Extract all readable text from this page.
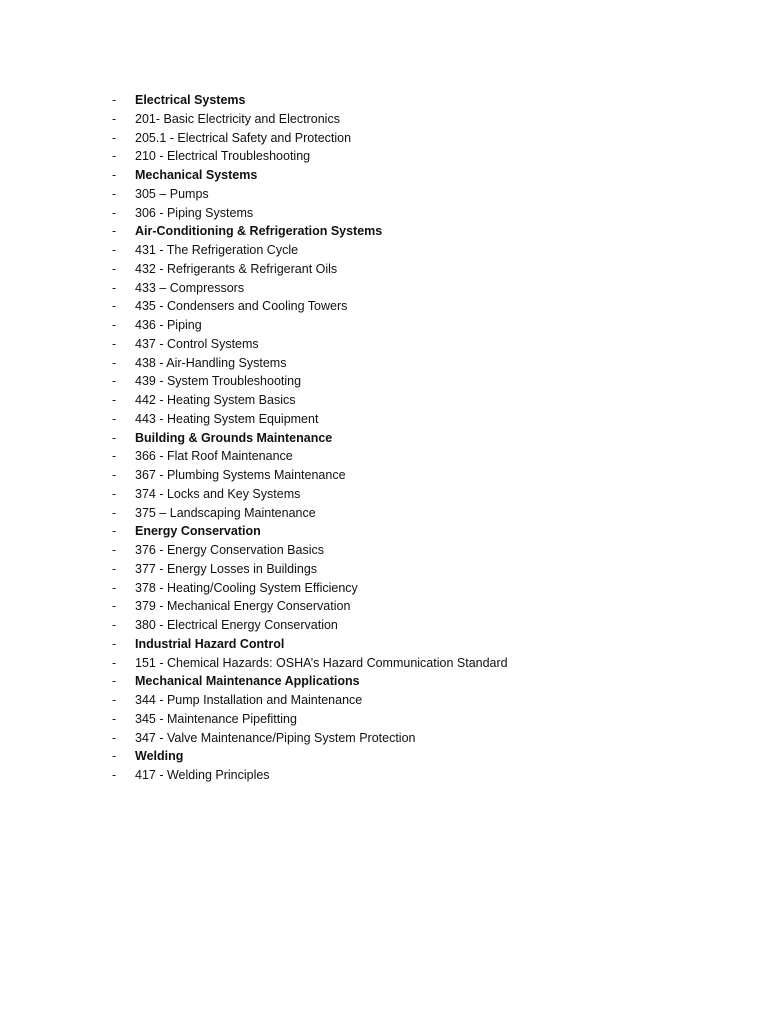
-	Electrical Systems
-	201- Basic Electricity and Electronics
-	205.1 - Electrical Safety and Protection
-	210 - Electrical Troubleshooting
-	Mechanical Systems
-	305 – Pumps
-	306 - Piping Systems
-	Air-Conditioning & Refrigeration Systems
-	431 - The Refrigeration Cycle
-	432 - Refrigerants & Refrigerant Oils
-	433 – Compressors
-	435 - Condensers and Cooling Towers
-	436 - Piping
-	437 - Control Systems
-	438 - Air-Handling Systems
-	439 - System Troubleshooting
-	442 - Heating System Basics
-	443 - Heating System Equipment
-	Building & Grounds Maintenance
-	366 - Flat Roof Maintenance
-	367 - Plumbing Systems Maintenance
-	374 - Locks and Key Systems
-	375 – Landscaping Maintenance
-	Energy Conservation
-	376 - Energy Conservation Basics
-	377 - Energy Losses in Buildings
-	378 - Heating/Cooling System Efficiency
-	379 - Mechanical Energy Conservation
-	380 - Electrical Energy Conservation
-	Industrial Hazard Control
-	151 - Chemical Hazards: OSHA’s Hazard Communication Standard
-	Mechanical Maintenance Applications
-	344 - Pump Installation and Maintenance
-	345 - Maintenance Pipefitting
-	347 - Valve Maintenance/Piping System Protection
-	Welding
-	417 - Welding Principles
